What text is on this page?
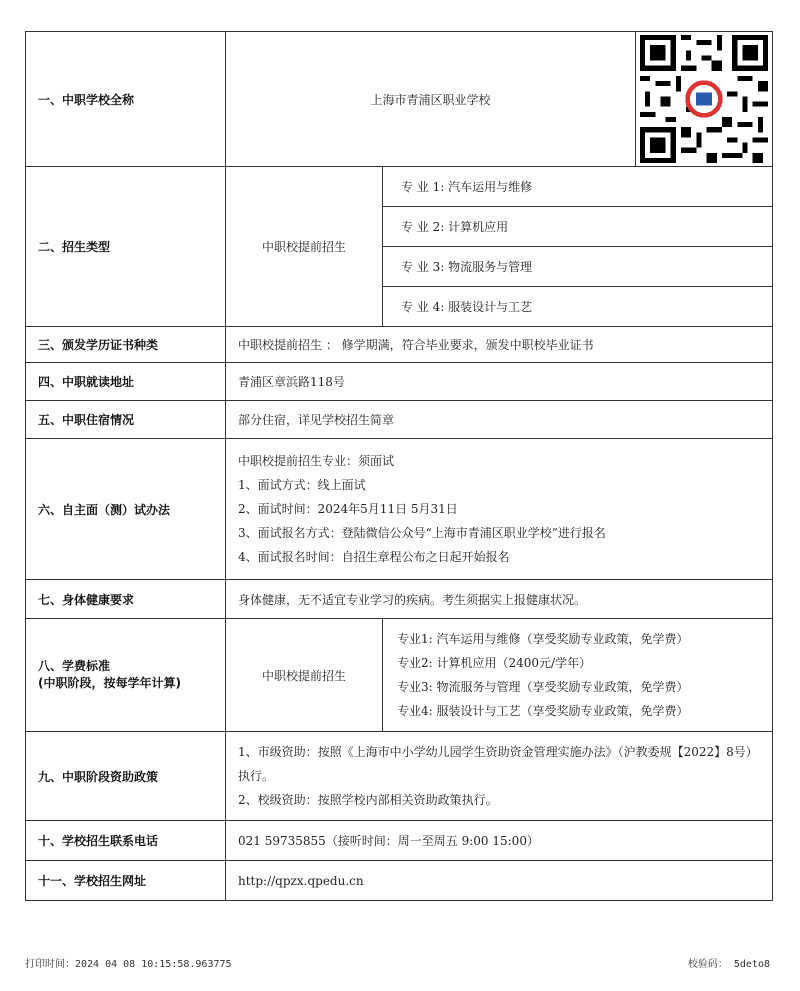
一、中职学校全称	上海市青浦区职业学校	

二、招生类型	中职校提前招生	专 业 1: 汽车运用与维修	
		专 业 2: 计算机应用	
		专 业 3: 物流服务与管理	
		专 业 4: 服装设计与工艺	
三、颁发学历证书种类	中职校提前招生 ： 修学期满，符合毕业要求，颁发中职校毕业证书		
四、中职就读地址	青浦区章浜路118号		
五、中职住宿情况	部分住宿，详见学校招生简章		
六、自主面（测）试办法	中职校提前招生专业：须面试
1、面试方式：线上面试
2、面试时间：2024年5月11日 5月31日
3、面试报名方式：登陆微信公众号“上海市青浦区职业学校”进行报名
4、面试报名时间：自招生章程公布之日起开始报名		

七、身体健康要求	身体健康，无不适宜专业学习的疾病。考生须据实上报健康状况。		

八、学费标准
(中职阶段，按每学年计算)	中职校提前招生	专业1: 汽车运用与维修（享受奖励专业政策，免学费）
专业2: 计算机应用（2400元/学年）
专业3: 物流服务与管理（享受奖励专业政策，免学费）
专业4: 服装设计与工艺（享受奖励专业政策，免学费）	

九、中职阶段资助政策	1、市级资助：按照《上海市中小学幼儿园学生资助资金管理实施办法》（沪教委规【2022】8号）执行。
2、校级资助：按照学校内部相关资助政策执行。		

十、学校招生联系电话	021 59735855（接听时间：周一至周五 9:00 15:00）		
十一、学校招生网址	http://qpzx.qpedu.cn		
打印时间：2024 04 08 10:15:58.963775	校验码： 5deto8
